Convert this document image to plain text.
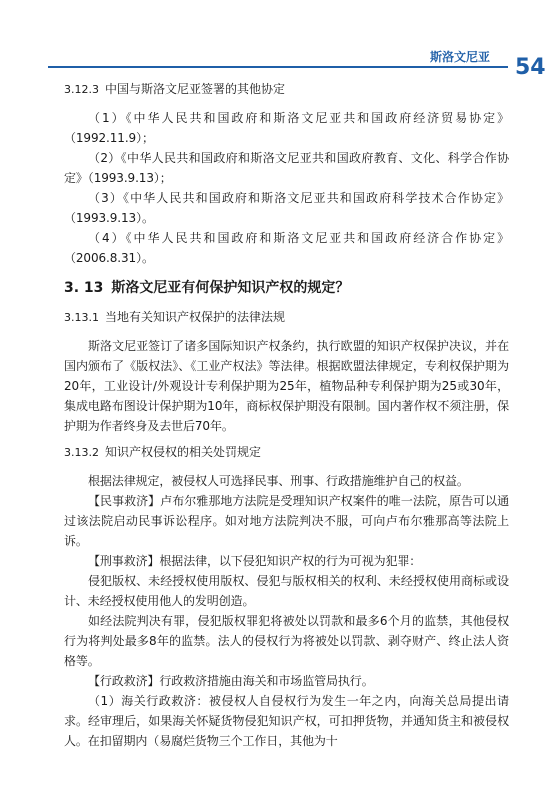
斯洛文尼亚 54
3.12.3 中国与斯洛文尼亚签署的其他协定

（1）《中华人民共和国政府和斯洛文尼亚共和国政府经济贸易协定》（1992.11.9）；

（2）《中华人民共和国政府和斯洛文尼亚共和国政府教育、文化、科学合作协定》（1993.9.13）；

（3）《中华人民共和国政府和斯洛文尼亚共和国政府科学技术合作协定》（1993.9.13）。

（4）《中华人民共和国政府和斯洛文尼亚共和国政府经济合作协定》（2006.8.31）。

3. 13 斯洛文尼亚有何保护知识产权的规定？
3.13.1 当地有关知识产权保护的法律法规

斯洛文尼亚签订了诸多国际知识产权条约，执行欧盟的知识产权保护决议，并在国内颁布了《版权法》、《工业产权法》等法律。根据欧盟法律规定，专利权保护期为20年，工业设计/外观设计专利保护期为25年，植物品种专利保护期为25或30年，集成电路布图设计保护期为10年，商标权保护期没有限制。国内著作权不须注册，保护期为作者终身及去世后70年。

3.13.2 知识产权侵权的相关处罚规定

根据法律规定，被侵权人可选择民事、刑事、行政措施维护自己的权益。

【民事救济】卢布尔雅那地方法院是受理知识产权案件的唯一法院，原告可以通过该法院启动民事诉讼程序。如对地方法院判决不服，可向卢布尔雅那高等法院上诉。

【刑事救济】根据法律，以下侵犯知识产权的行为可视为犯罪：

侵犯版权、未经授权使用版权、侵犯与版权相关的权利、未经授权使用商标或设计、未经授权使用他人的发明创造。

如经法院判决有罪，侵犯版权罪犯将被处以罚款和最多6个月的监禁，其他侵权行为将判处最多8年的监禁。法人的侵权行为将被处以罚款、剥夺财产、终止法人资格等。

【行政救济】行政救济措施由海关和市场监管局执行。

（1）海关行政救济：被侵权人自侵权行为发生一年之内，向海关总局提出请求。经审理后，如果海关怀疑货物侵犯知识产权，可扣押货物，并通知货主和被侵权人。在扣留期内（易腐烂货物三个工作日，其他为十
